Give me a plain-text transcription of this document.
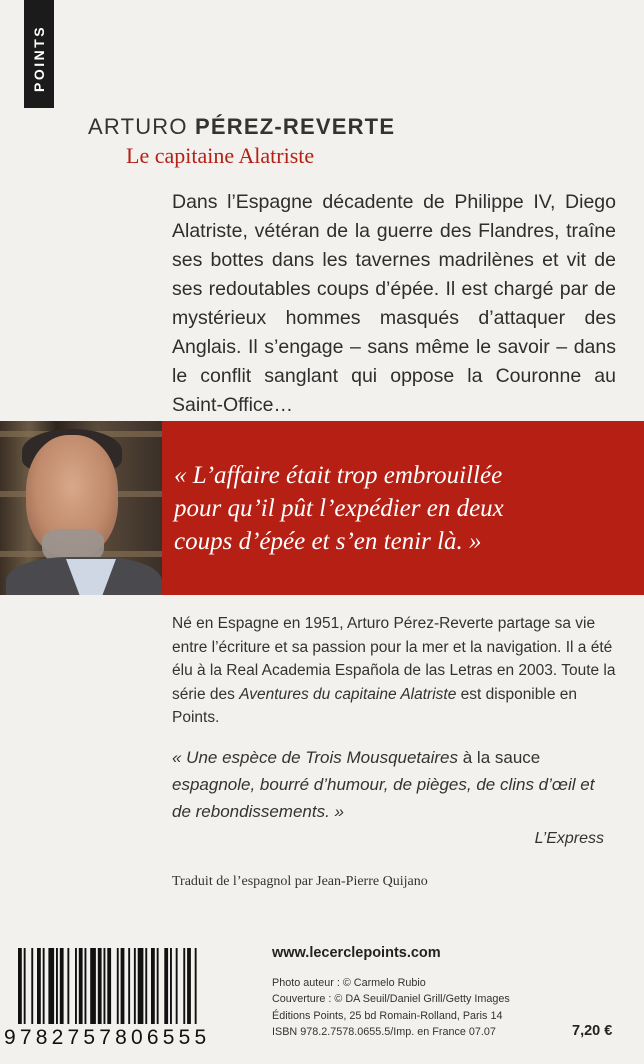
POINTS
ARTURO PÉREZ-REVERTE
Le capitaine Alatriste
Dans l’Espagne décadente de Philippe IV, Diego Alatriste, vétéran de la guerre des Flandres, traîne ses bottes dans les tavernes madrilènes et vit de ses redoutables coups d’épée. Il est chargé par de mystérieux hommes masqués d’attaquer des Anglais. Il s’engage – sans même le savoir – dans le conflit sanglant qui oppose la Couronne au Saint-Office…
« L’affaire était trop embrouillée
pour qu’il pût l’expédier en deux
coups d’épée et s’en tenir là. »
Né en Espagne en 1951, Arturo Pérez-Reverte partage sa vie entre l’écriture et sa passion pour la mer et la navigation. Il a été élu à la Real Academia Española de las Letras en 2003. Toute la série des Aventures du capitaine Alatriste est disponible en Points.
« Une espèce de Trois Mousquetaires à la sauce espagnole, bourré d’humour, de pièges, de clins d’œil et de rebondissements. »
L’Express
Traduit de l’espagnol par Jean-Pierre Quijano
9782757806555
www.lecerclepoints.com
Photo auteur : © Carmelo Rubio
Couverture : © DA Seuil/Daniel Grill/Getty Images
Éditions Points, 25 bd Romain-Rolland, Paris 14
ISBN 978.2.7578.0655.5/Imp. en France 07.07	7,20 €
